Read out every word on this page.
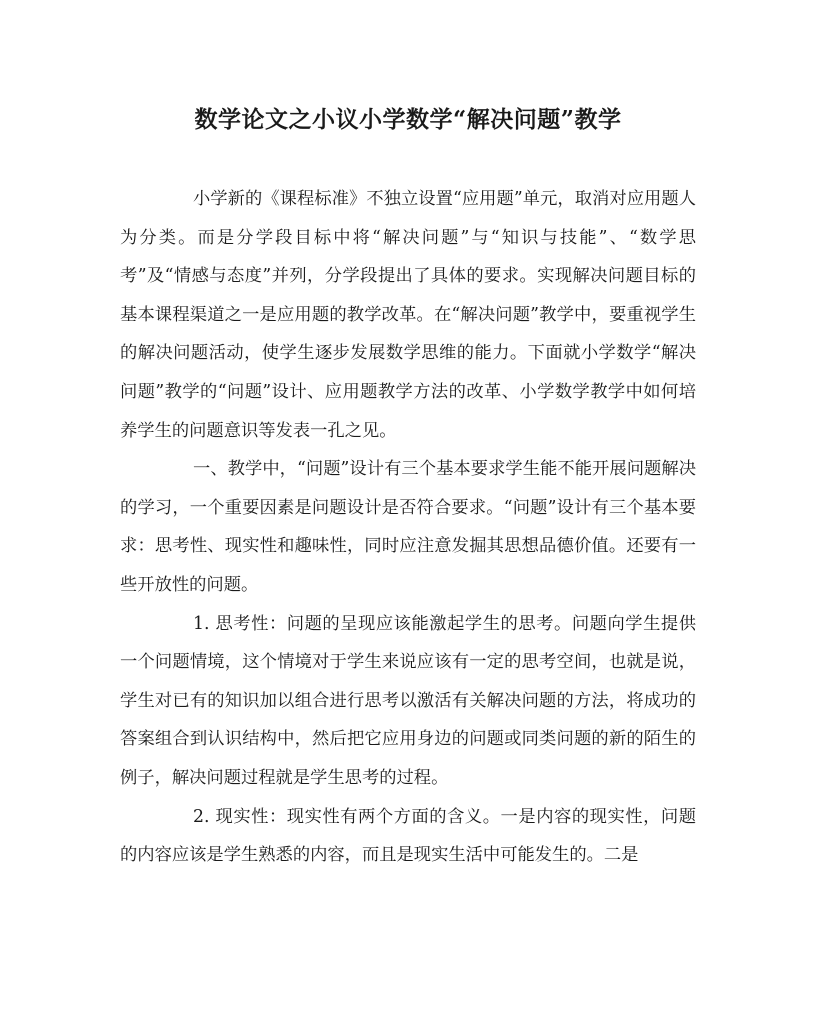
数学论文之小议小学数学“解决问题”教学

小学新的《课程标准》不独立设置“应用题”单元，取消对应用题人为分类。而是分学段目标中将“解决问题”与“知识与技能”、“数学思考”及“情感与态度”并列，分学段提出了具体的要求。实现解决问题目标的基本课程渠道之一是应用题的教学改革。在“解决问题”教学中，要重视学生的解决问题活动，使学生逐步发展数学思维的能力。下面就小学数学“解决问题”教学的“问题”设计、应用题教学方法的改革、小学数学教学中如何培养学生的问题意识等发表一孔之见。

一、教学中，“问题”设计有三个基本要求学生能不能开展问题解决的学习，一个重要因素是问题设计是否符合要求。“问题”设计有三个基本要求：思考性、现实性和趣味性，同时应注意发掘其思想品德价值。还要有一些开放性的问题。

1. 思考性：问题的呈现应该能激起学生的思考。问题向学生提供一个问题情境，这个情境对于学生来说应该有一定的思考空间，也就是说，学生对已有的知识加以组合进行思考以激活有关解决问题的方法，将成功的答案组合到认识结构中，然后把它应用身边的问题或同类问题的新的陌生的例子，解决问题过程就是学生思考的过程。

2. 现实性：现实性有两个方面的含义。一是内容的现实性，问题的内容应该是学生熟悉的内容，而且是现实生活中可能发生的。二是
